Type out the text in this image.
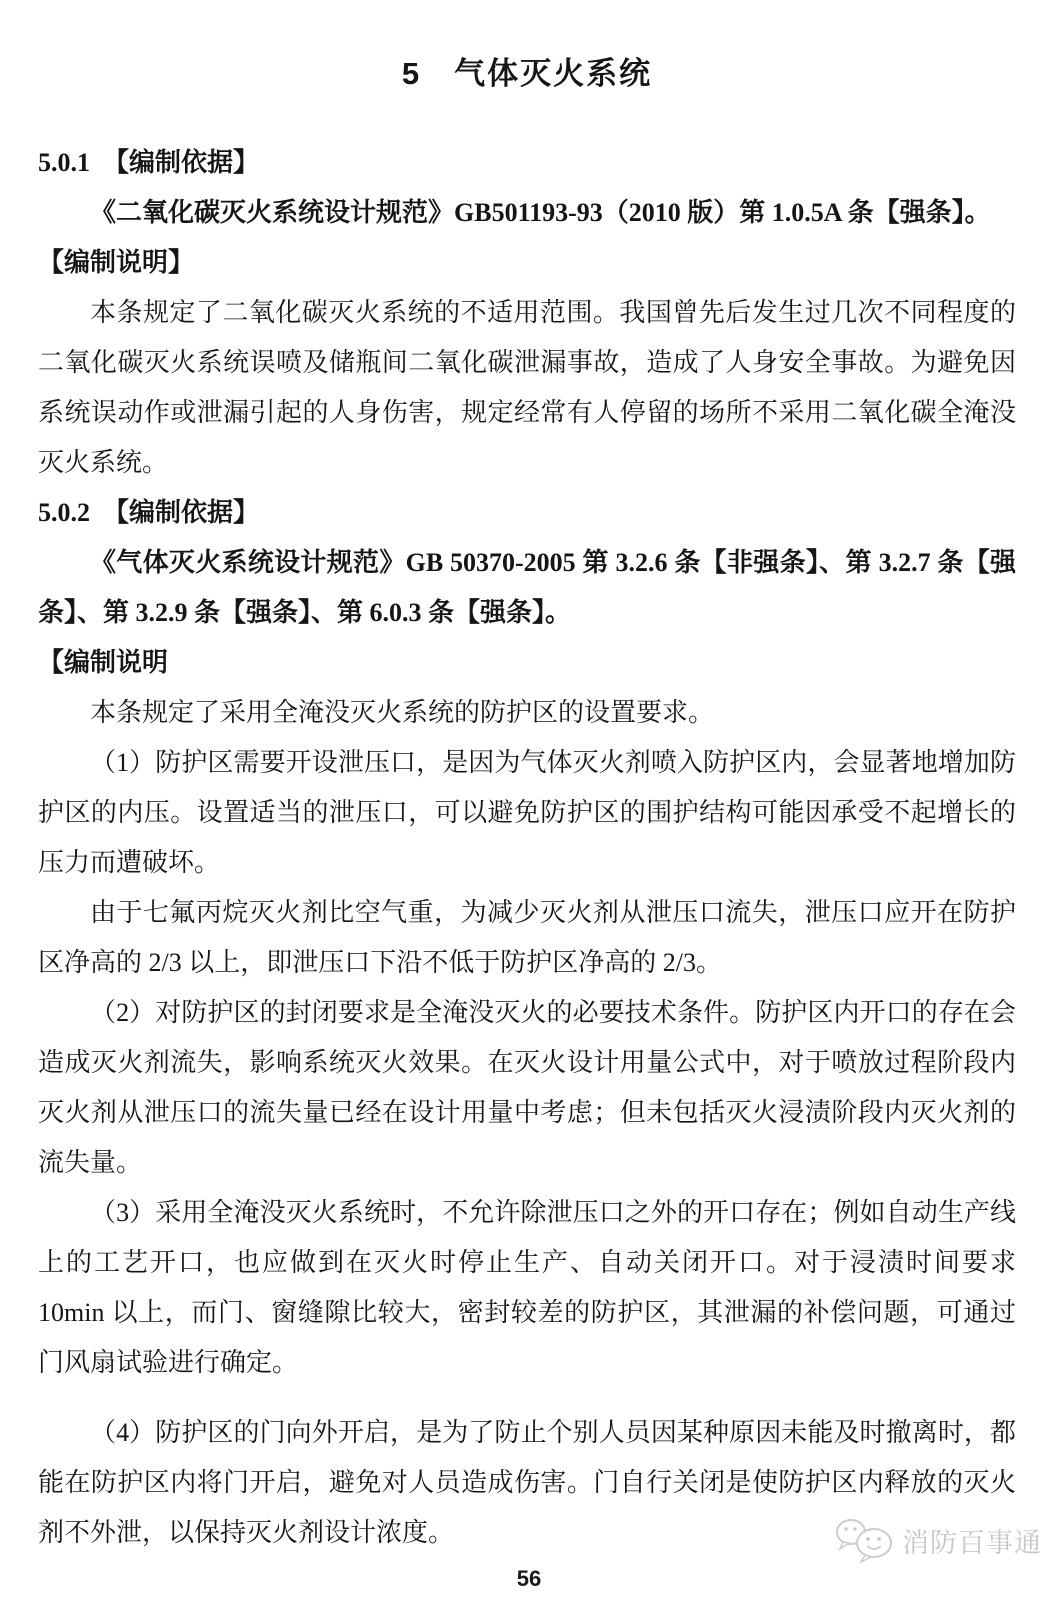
5　气体灭火系统
5.0.1　【编制依据】
《二氧化碳灭火系统设计规范》GB501193-93（2010 版）第 1.0.5A 条【强条】。
【编制说明】
本条规定了二氧化碳灭火系统的不适用范围。我国曾先后发生过几次不同程度的二氧化碳灭火系统误喷及储瓶间二氧化碳泄漏事故，造成了人身安全事故。为避免因系统误动作或泄漏引起的人身伤害，规定经常有人停留的场所不采用二氧化碳全淹没灭火系统。
5.0.2　【编制依据】
《气体灭火系统设计规范》GB 50370-2005 第 3.2.6 条【非强条】、第 3.2.7 条【强条】、第 3.2.9 条【强条】、第 6.0.3 条【强条】。
【编制说明
本条规定了采用全淹没灭火系统的防护区的设置要求。
（1）防护区需要开设泄压口，是因为气体灭火剂喷入防护区内，会显著地增加防护区的内压。设置适当的泄压口，可以避免防护区的围护结构可能因承受不起增长的压力而遭破坏。
由于七氟丙烷灭火剂比空气重，为减少灭火剂从泄压口流失，泄压口应开在防护区净高的 2/3 以上，即泄压口下沿不低于防护区净高的 2/3。
（2）对防护区的封闭要求是全淹没灭火的必要技术条件。防护区内开口的存在会造成灭火剂流失，影响系统灭火效果。在灭火设计用量公式中，对于喷放过程阶段内灭火剂从泄压口的流失量已经在设计用量中考虑；但未包括灭火浸渍阶段内灭火剂的流失量。
（3）采用全淹没灭火系统时，不允许除泄压口之外的开口存在；例如自动生产线上的工艺开口，也应做到在灭火时停止生产、自动关闭开口。对于浸渍时间要求 10min 以上，而门、窗缝隙比较大，密封较差的防护区，其泄漏的补偿问题，可通过门风扇试验进行确定。
（4）防护区的门向外开启，是为了防止个别人员因某种原因未能及时撤离时，都能在防护区内将门开启，避免对人员造成伤害。门自行关闭是使防护区内释放的灭火剂不外泄，以保持灭火剂设计浓度。	消防百事通
56
